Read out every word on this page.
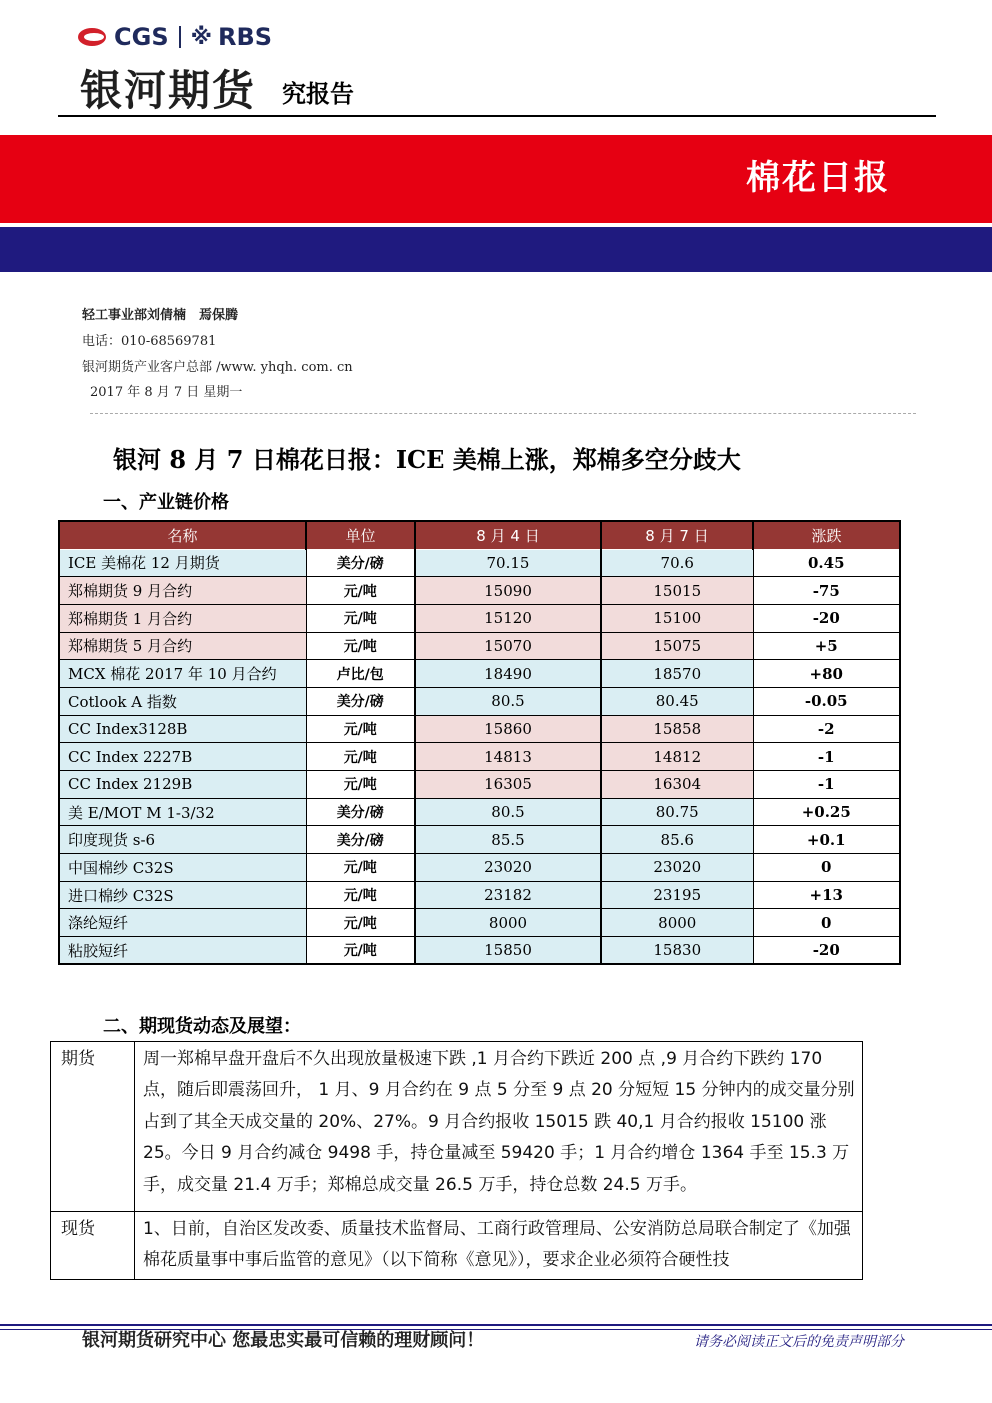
CGS ※ RBS
银河期货 究报告
棉花日报
轻工事业部刘倩楠　焉保腾
电话：010-68569781
银河期货产业客户总部 /www. yhqh. com. cn
2017 年 8 月 7 日 星期一
银河 8 月 7 日棉花日报：ICE 美棉上涨，郑棉多空分歧大
一、产业链价格
名称	单位	8 月 4 日	8 月 7 日	涨跌
ICE 美棉花 12 月期货	美分/磅	70.15	70.6	0.45
郑棉期货 9 月合约	元/吨	15090	15015	-75
郑棉期货 1 月合约	元/吨	15120	15100	-20
郑棉期货 5 月合约	元/吨	15070	15075	+5
MCX 棉花 2017 年 10 月合约	卢比/包	18490	18570	+80
Cotlook A 指数	美分/磅	80.5	80.45	-0.05
CC Index3128B	元/吨	15860	15858	-2
CC Index 2227B	元/吨	14813	14812	-1
CC Index 2129B	元/吨	16305	16304	-1
美 E/MOT M 1-3/32	美分/磅	80.5	80.75	+0.25
印度现货 s-6	美分/磅	85.5	85.6	+0.1
中国棉纱 C32S	元/吨	23020	23020	0
进口棉纱 C32S	元/吨	23182	23195	+13
涤纶短纤	元/吨	8000	8000	0
粘胶短纤	元/吨	15850	15830	-20
二、期现货动态及展望：
期货	周一郑棉早盘开盘后不久出现放量极速下跌 ,1 月合约下跌近 200 点 ,9 月合约下跌约 170 点，随后即震荡回升， 1 月、9 月合约在 9 点 5 分至 9 点 20 分短短 15 分钟内的成交量分别占到了其全天成交量的 20%、27%。9 月合约报收 15015 跌 40,1 月合约报收 15100 涨 25。今日 9 月合约减仓 9498 手，持仓量减至 59420 手；1 月合约增仓 1364 手至 15.3 万手，成交量 21.4 万手；郑棉总成交量 26.5 万手，持仓总数 24.5 万手。
现货	1、日前，自治区发改委、质量技术监督局、工商行政管理局、公安消防总局联合制定了《加强棉花质量事中事后监管的意见》（以下简称《意见》），要求企业必须符合硬性技
银河期货研究中心 您最忠实最可信赖的理财顾问！	请务必阅读正文后的免责声明部分
